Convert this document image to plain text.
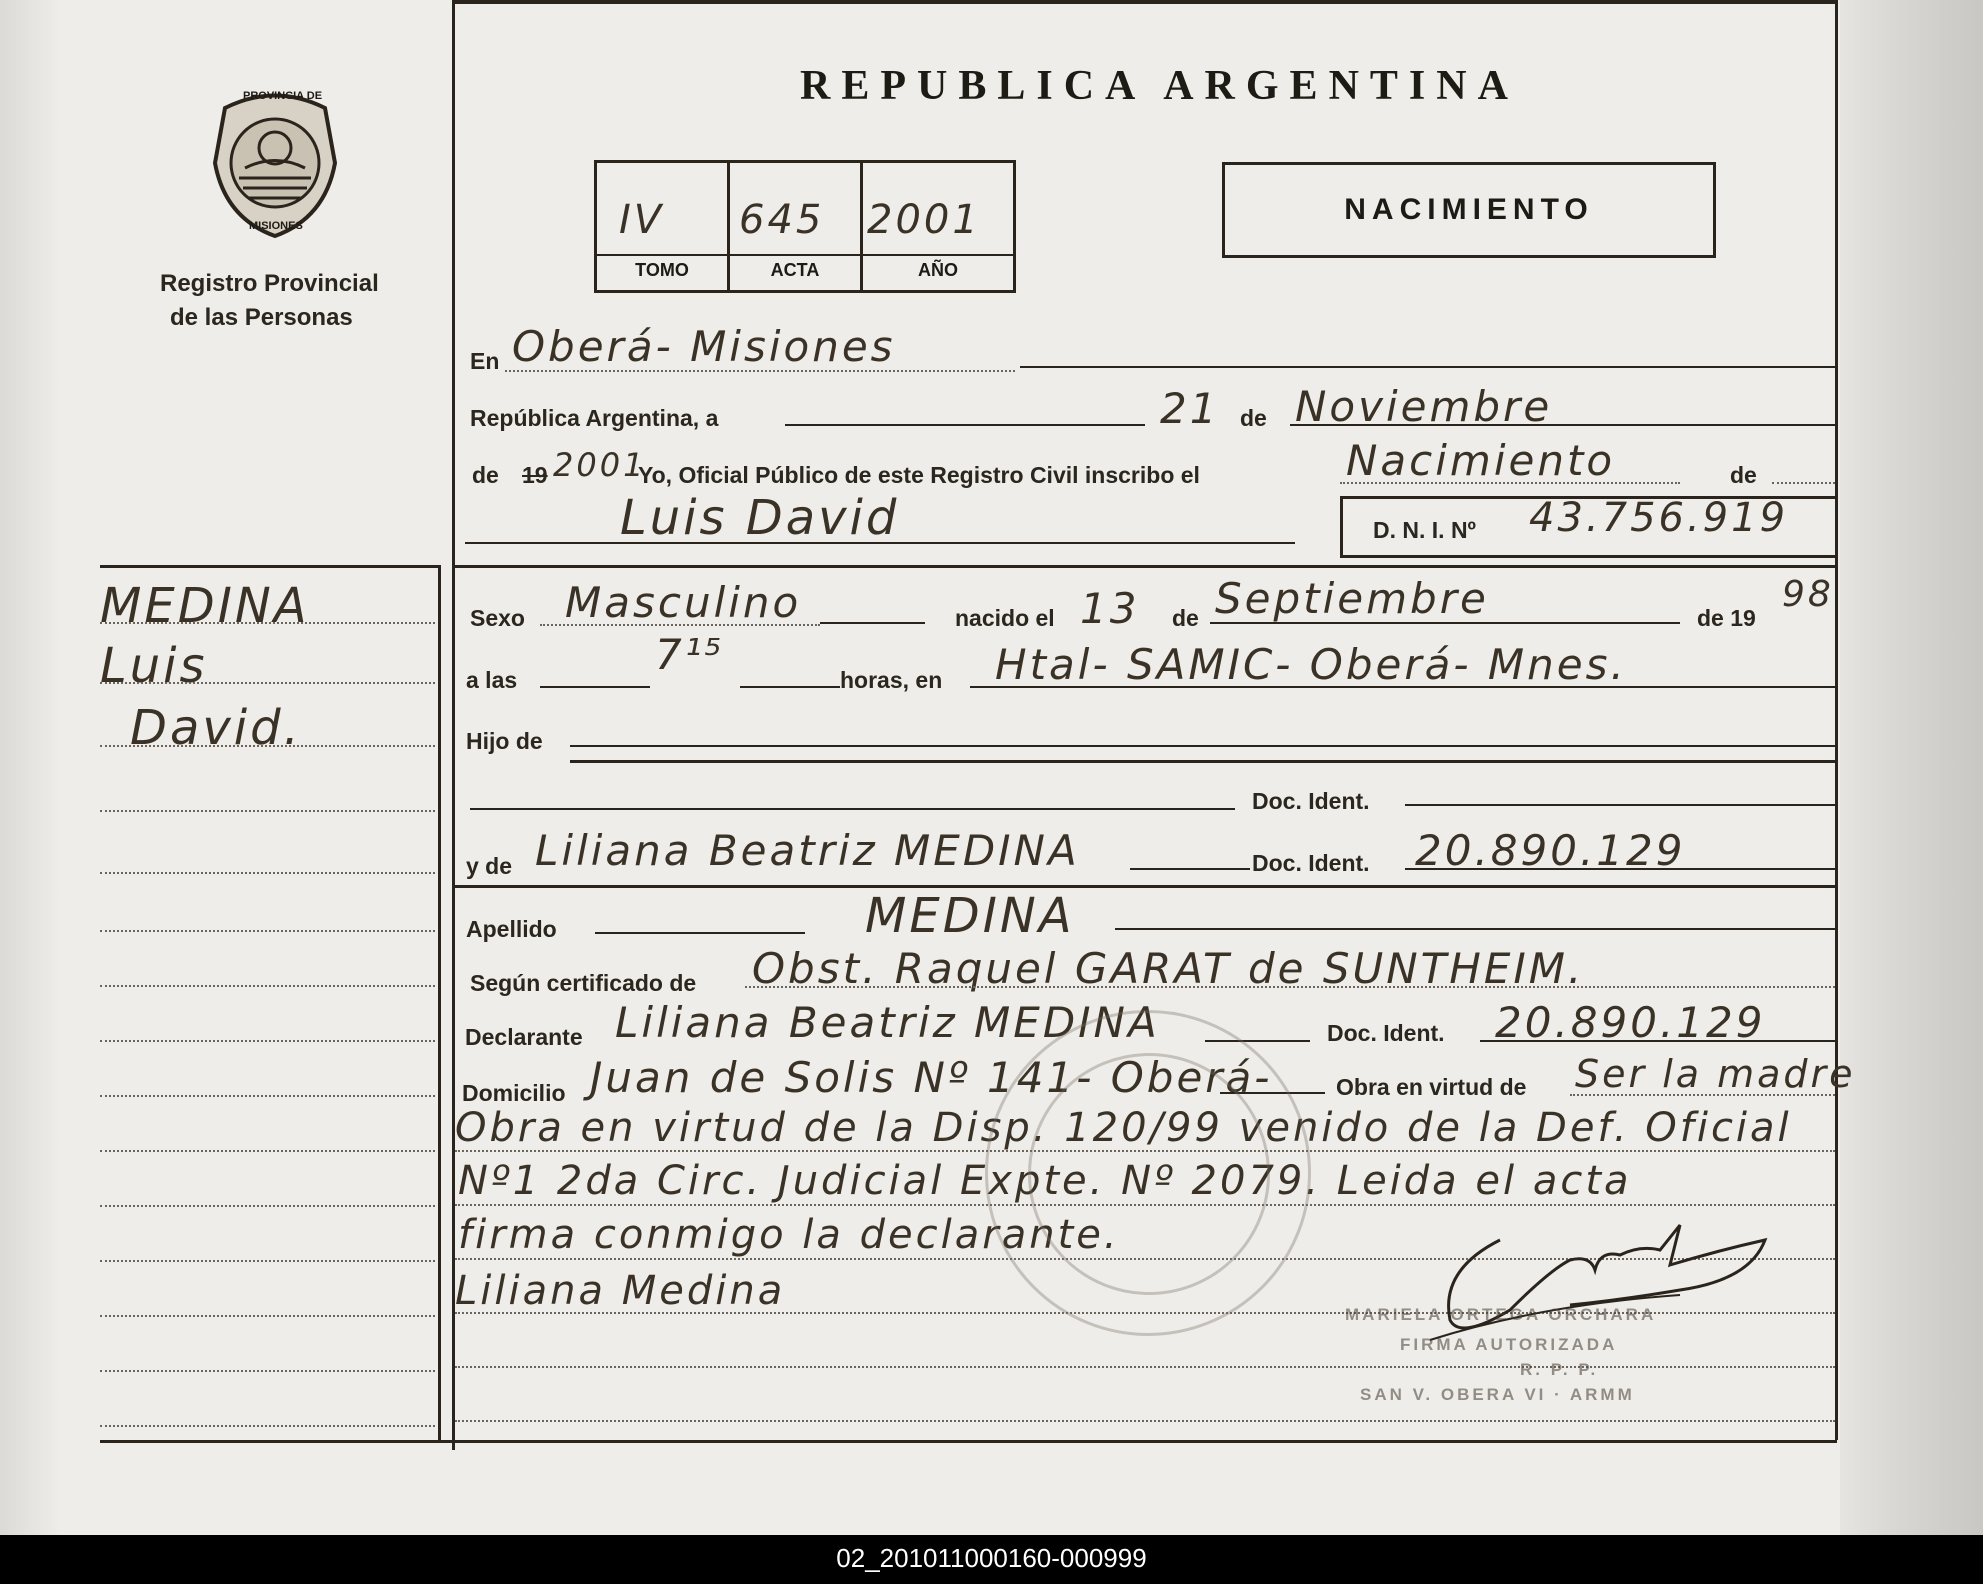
PROVINCIA DE
MISIONES
Registro Provincial
de las Personas
REPUBLICA ARGENTINA
IV 645 2001
TOMO	ACTA	AÑO
NACIMIENTO
MEDINA
Luis
David.
En Oberá- Misiones
República Argentina, a	21 de Noviembre
de 19 2001
Yo, Oficial Público de este Registro Civil inscribo el	Nacimiento	de
Luis David	D. N. I. Nº 43.756.919
Sexo Masculino	nacido el 13 de Septiembre	de 19
98
a las
7¹⁵
horas, en Htal- SAMIC- Oberá- Mnes.
Hijo de
Doc. Ident.
y de Liliana Beatriz MEDINA	Doc. Ident. 20.890.129
Apellido	MEDINA
Según certificado de Obst. Raquel GARAT de SUNTHEIM.
Declarante Liliana Beatriz MEDINA	Doc. Ident. 20.890.129
Domicilio Juan de Solis Nº 141- Oberá-	Obra en virtud de Ser la madre
Obra en virtud de la Disp. 120/99 venido de la Def. Oficial
Nº1 2da Circ. Judicial Expte. Nº 2079. Leida el acta
firma conmigo la declarante.
Liliana Medina
MARIELA ORTEGA ORCHARA
FIRMA AUTORIZADA
R. P. P.
SAN V. OBERA VI · ARMM
02_201011000160-000999
